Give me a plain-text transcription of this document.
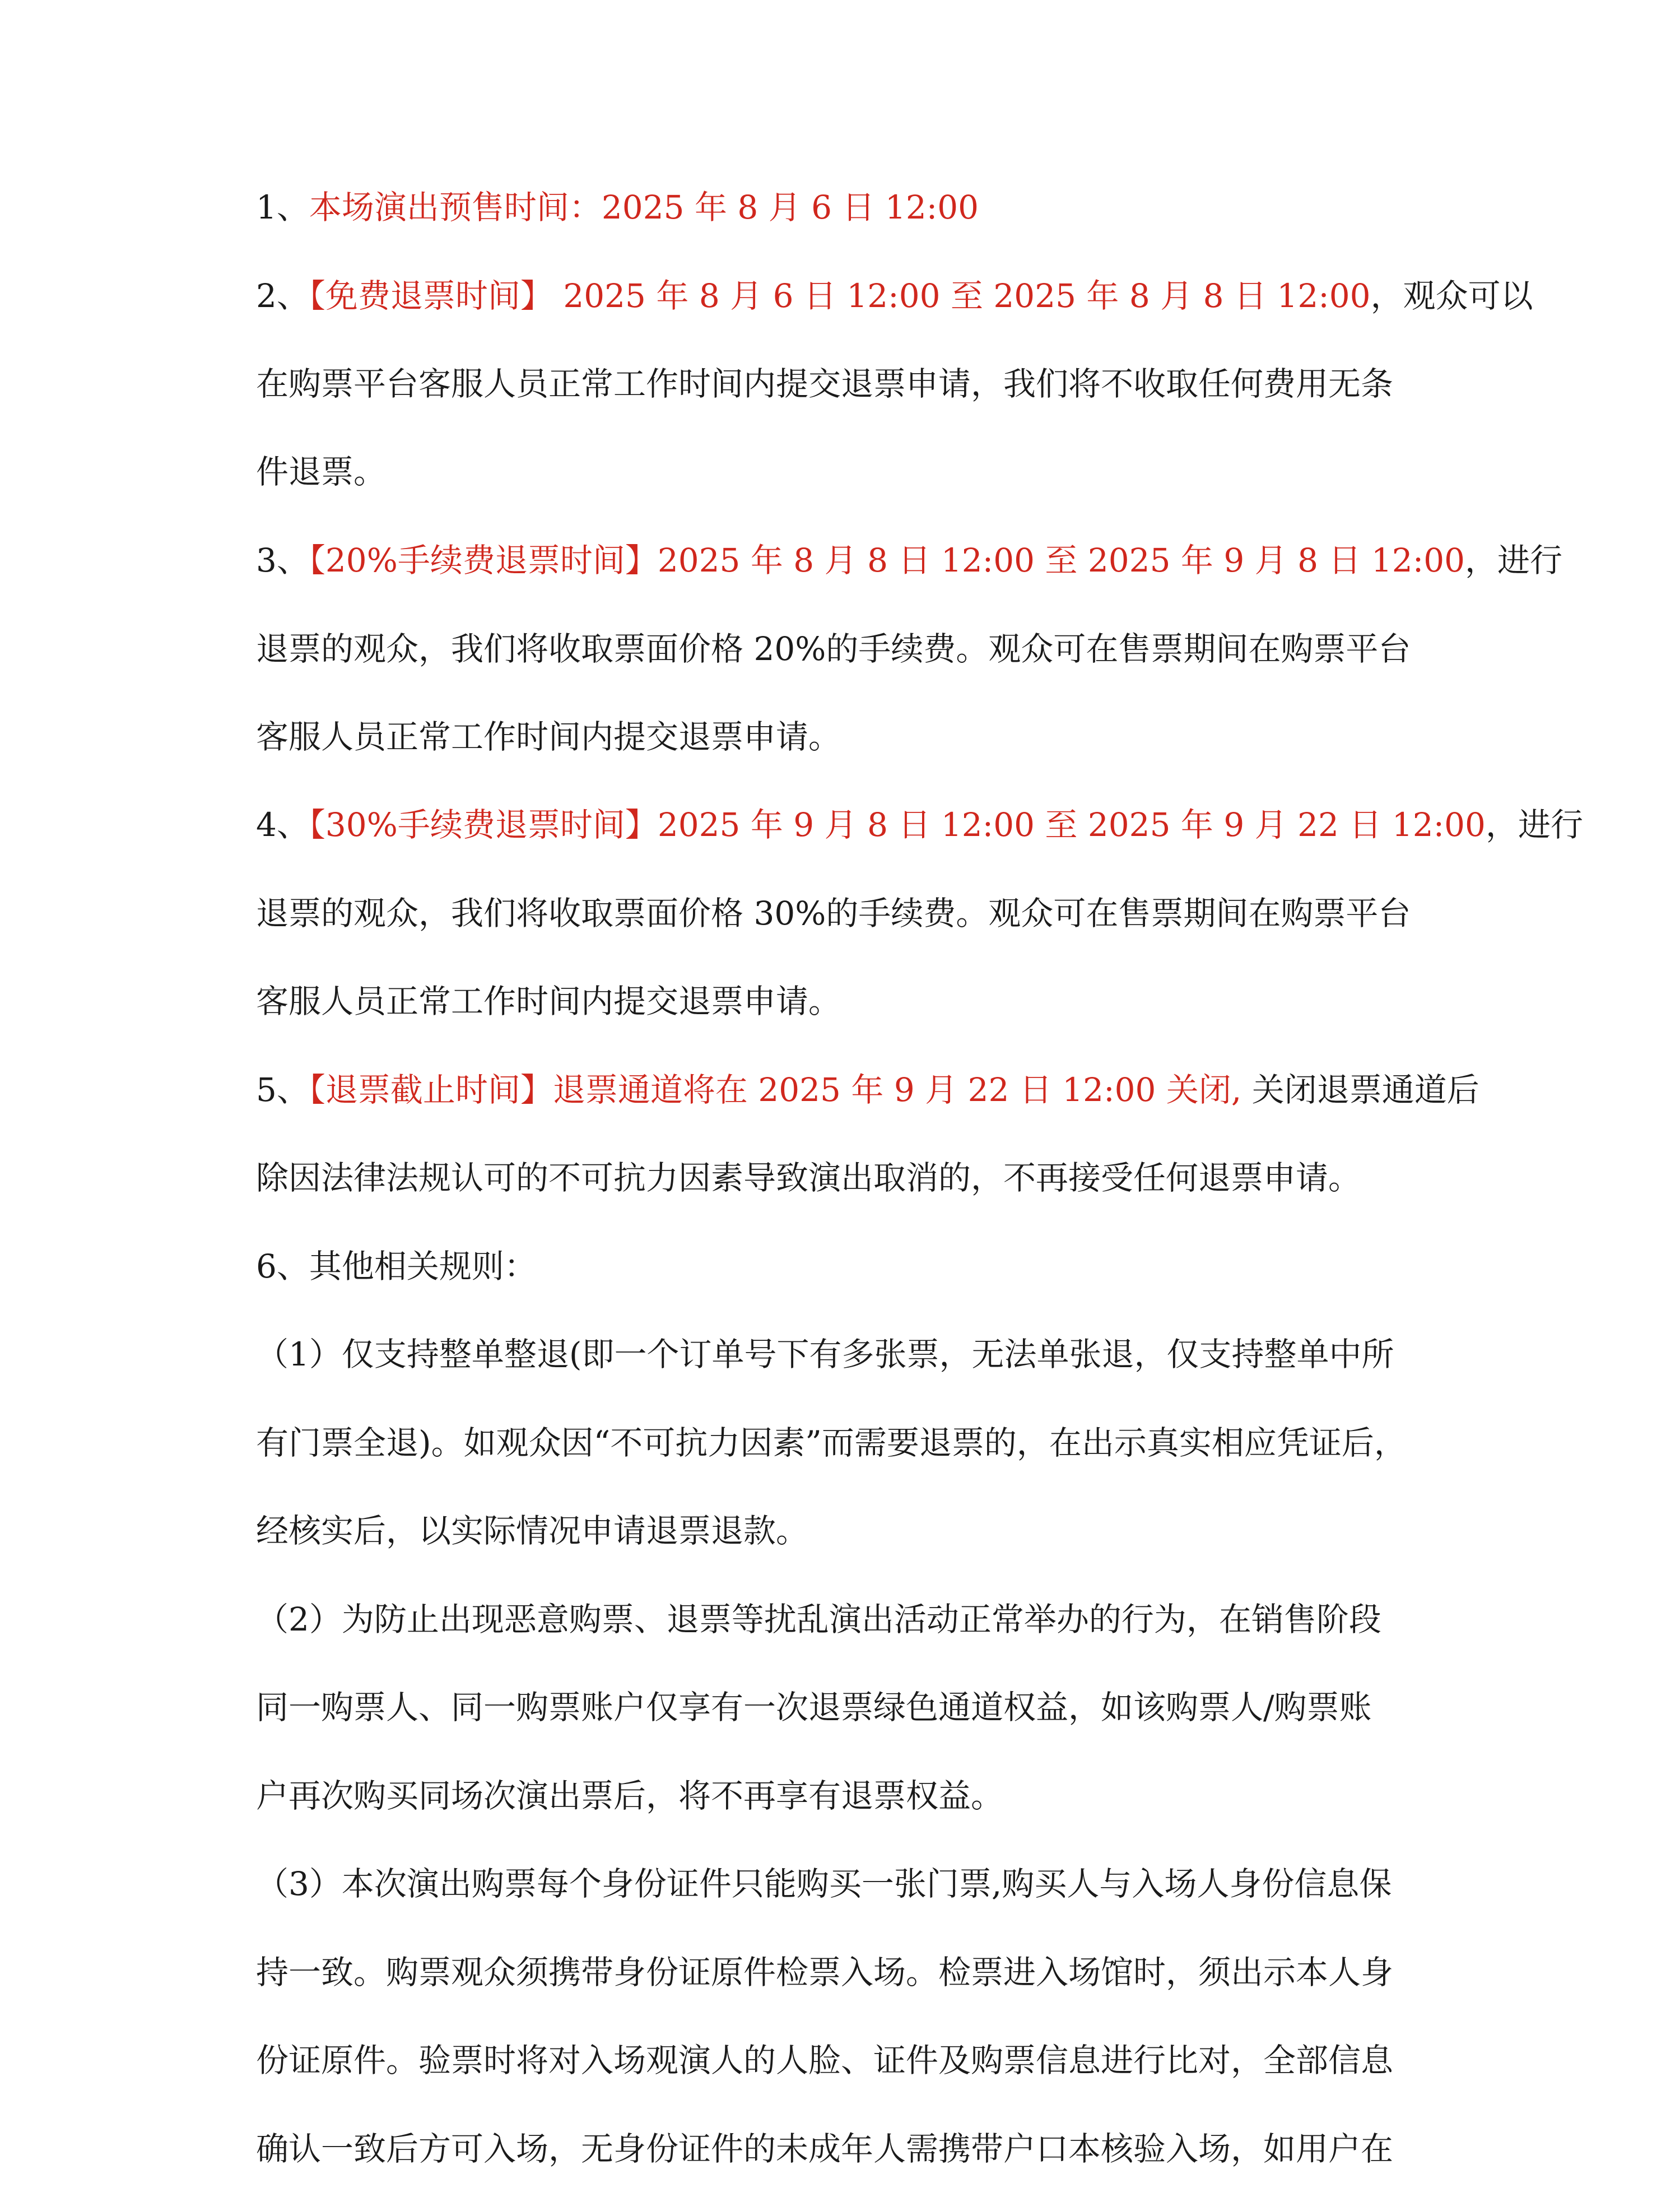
1、本场演出预售时间：2025 年 8 月 6 日 12:00
2、【免费退票时间】 2025 年 8 月 6 日 12:00 至 2025 年 8 月 8 日 12:00，观众可以
在购票平台客服人员正常工作时间内提交退票申请，我们将不收取任何费用无条
件退票。
3、【20%手续费退票时间】2025 年 8 月 8 日 12:00 至 2025 年 9 月 8 日 12:00，进行
退票的观众，我们将收取票面价格 20%的手续费。观众可在售票期间在购票平台
客服人员正常工作时间内提交退票申请。
4、【30%手续费退票时间】2025 年 9 月 8 日 12:00 至 2025 年 9 月 22 日 12:00，进行
退票的观众，我们将收取票面价格 30%的手续费。观众可在售票期间在购票平台
客服人员正常工作时间内提交退票申请。
5、【退票截止时间】退票通道将在 2025 年 9 月 22 日 12:00 关闭, 关闭退票通道后
除因法律法规认可的不可抗力因素导致演出取消的，不再接受任何退票申请。
6、其他相关规则：
（1）仅支持整单整退(即一个订单号下有多张票，无法单张退，仅支持整单中所
有门票全退)。如观众因“不可抗力因素”而需要退票的，在出示真实相应凭证后，
经核实后，以实际情况申请退票退款。
（2）为防止出现恶意购票、退票等扰乱演出活动正常举办的行为，在销售阶段
同一购票人、同一购票账户仅享有一次退票绿色通道权益，如该购票人/购票账
户再次购买同场次演出票后，将不再享有退票权益。
（3）本次演出购票每个身份证件只能购买一张门票,购买人与入场人身份信息保
持一致。购票观众须携带身份证原件检票入场。检票进入场馆时，须出示本人身
份证原件。验票时将对入场观演人的人脸、证件及购票信息进行比对，全部信息
确认一致后方可入场，无身份证件的未成年人需携带户口本核验入场，如用户在
